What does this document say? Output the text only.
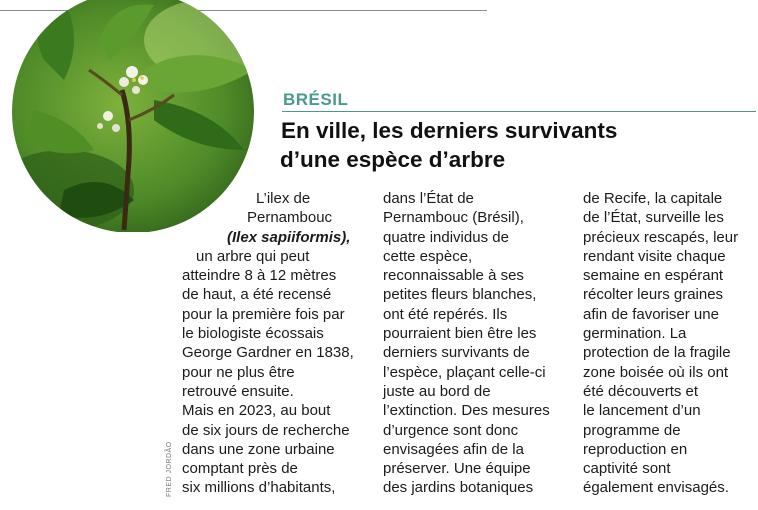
BRÉSIL
En ville, les derniers survivants
d’une espèce d’arbre
L’ilex de
Pernambouc
(Ilex sapiiformis),
un arbre qui peut
atteindre 8 à 12 mètres
de haut, a été recensé
pour la première fois par
le biologiste écossais
George Gardner en 1838,
pour ne plus être
retrouvé ensuite.
Mais en 2023, au bout
de six jours de recherche
dans une zone urbaine
comptant près de
six millions d’habitants,
dans l’État de
Pernambouc (Brésil),
quatre individus de
cette espèce,
reconnaissable à ses
petites fleurs blanches,
ont été repérés. Ils
pourraient bien être les
derniers survivants de
l’espèce, plaçant celle-ci
juste au bord de
l’extinction. Des mesures
d’urgence sont donc
envisagées afin de la
préserver. Une équipe
des jardins botaniques
de Recife, la capitale
de l’État, surveille les
précieux rescapés, leur
rendant visite chaque
semaine en espérant
récolter leurs graines
afin de favoriser une
germination. La
protection de la fragile
zone boisée où ils ont
été découverts et
le lancement d’un
programme de
reproduction en
captivité sont
également envisagés.
FRED JORDÃO
